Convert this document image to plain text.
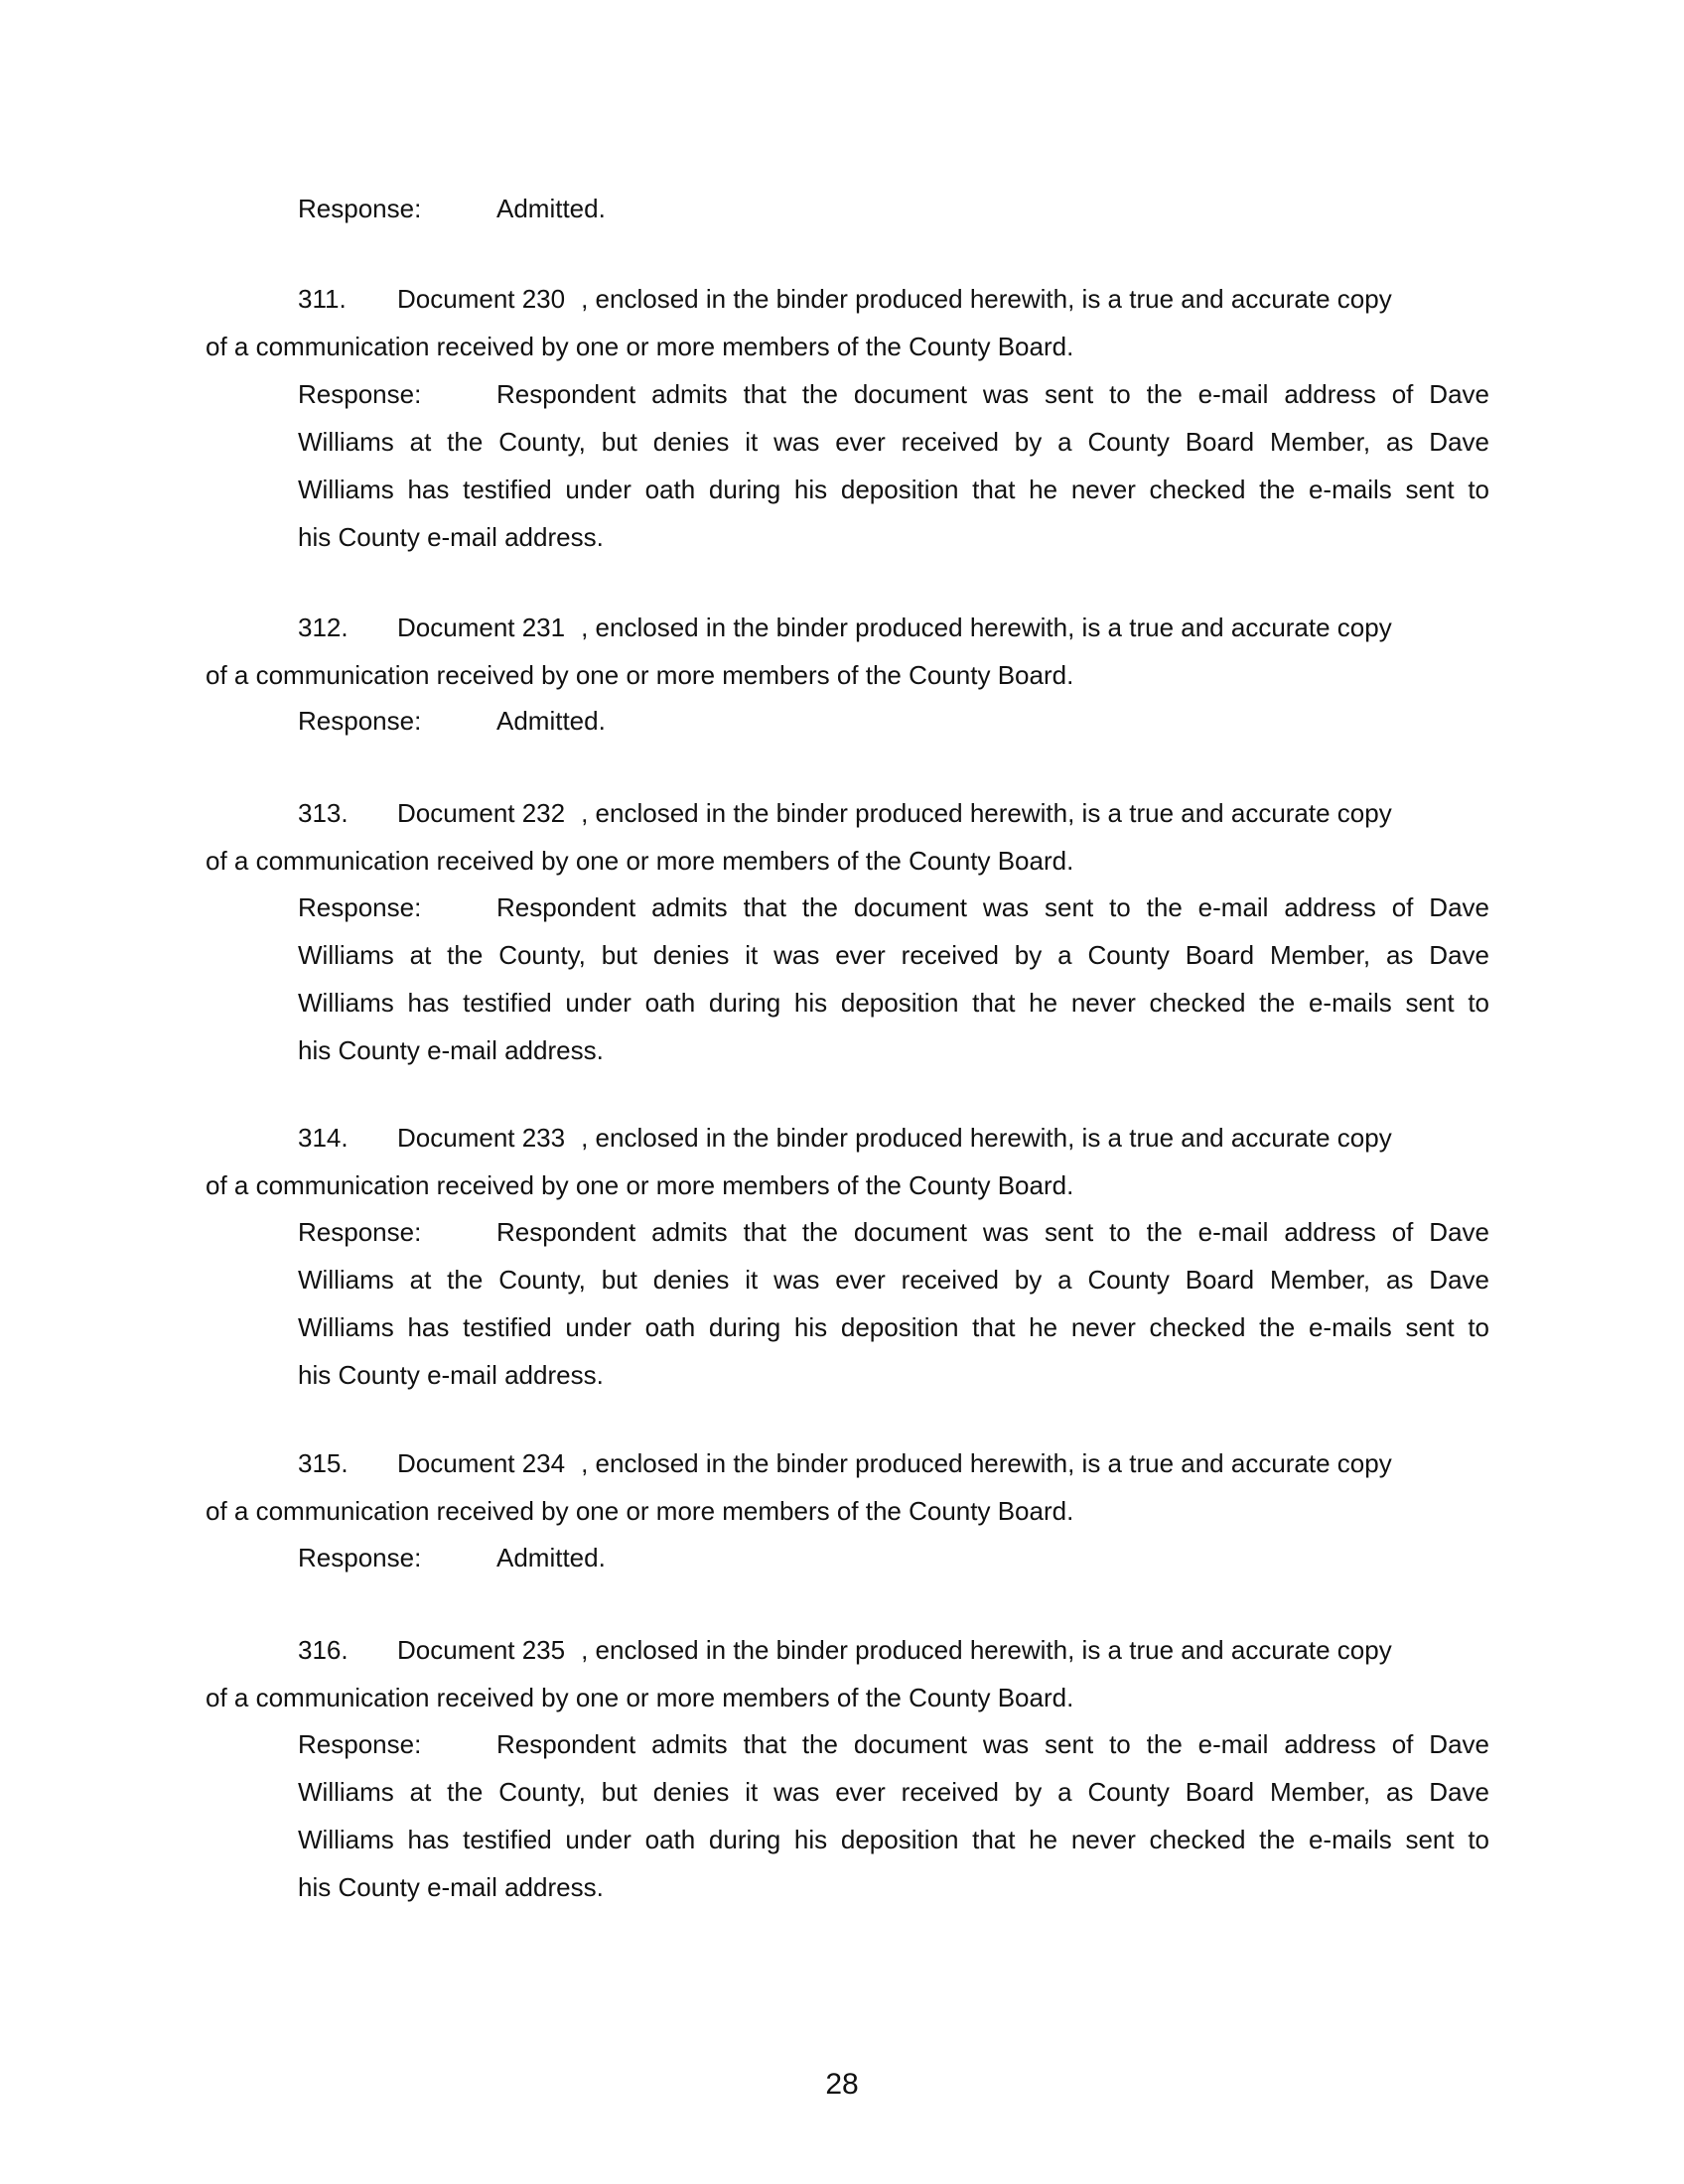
Response:	Admitted.
311. Document 230 , enclosed in the binder produced herewith, is a true and accurate copy
of a communication received by one or more members of the County Board.
Response:	Respondent admits that the document was sent to the e-mail address of Dave
Williams at the County, but denies it was ever received by a County Board Member, as Dave
Williams has testified under oath during his deposition that he never checked the e-mails sent to
his County e-mail address.
312. Document 231 , enclosed in the binder produced herewith, is a true and accurate copy
of a communication received by one or more members of the County Board.
Response:	Admitted.
313. Document 232 , enclosed in the binder produced herewith, is a true and accurate copy
of a communication received by one or more members of the County Board.
Response:	Respondent admits that the document was sent to the e-mail address of Dave
Williams at the County, but denies it was ever received by a County Board Member, as Dave
Williams has testified under oath during his deposition that he never checked the e-mails sent to
his County e-mail address.
314. Document 233 , enclosed in the binder produced herewith, is a true and accurate copy
of a communication received by one or more members of the County Board.
Response:	Respondent admits that the document was sent to the e-mail address of Dave
Williams at the County, but denies it was ever received by a County Board Member, as Dave
Williams has testified under oath during his deposition that he never checked the e-mails sent to
his County e-mail address.
315. Document 234 , enclosed in the binder produced herewith, is a true and accurate copy
of a communication received by one or more members of the County Board.
Response:	Admitted.
316. Document 235 , enclosed in the binder produced herewith, is a true and accurate copy
of a communication received by one or more members of the County Board.
Response:	Respondent admits that the document was sent to the e-mail address of Dave
Williams at the County, but denies it was ever received by a County Board Member, as Dave
Williams has testified under oath during his deposition that he never checked the e-mails sent to
his County e-mail address.
28
